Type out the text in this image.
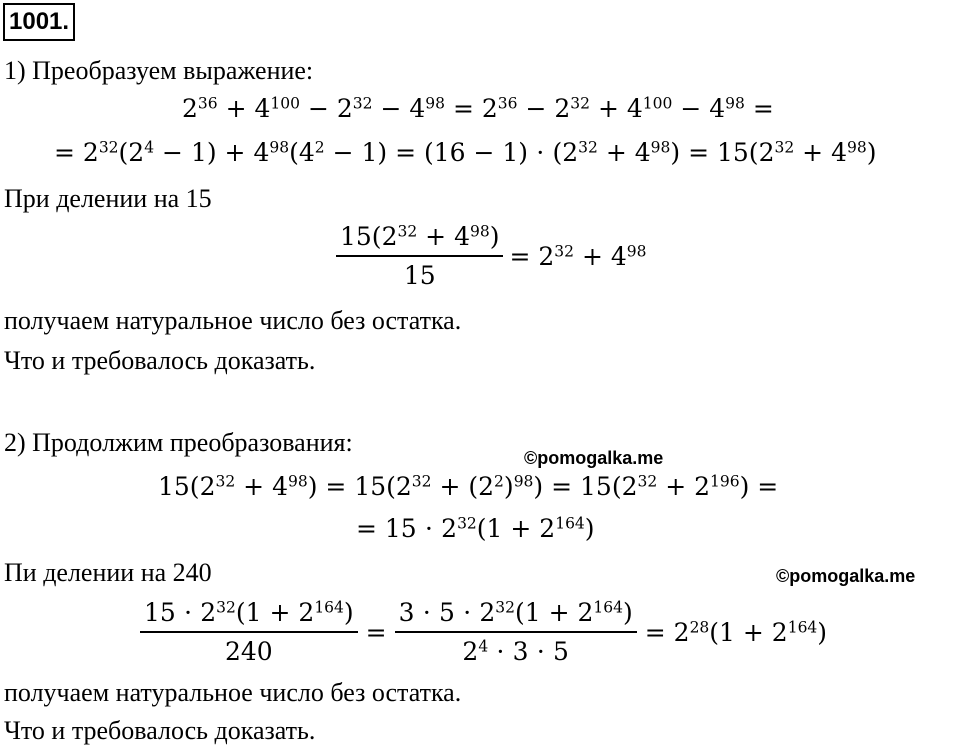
1001.
1) Преобразуем выражение:
$2^{36} + 4^{100} - 2^{32} - 4^{98} = 2^{36} - 2^{32} + 4^{100} - 4^{98}$ =
= $2^{32}(2^4 - 1) + 4^{98}(4^2 - 1) = (16 - 1) \cdot (2^{32} + 4^{98}) = 15(2^{32} + 4^{98})$
При делении на 15
$\frac{15(2^{32} + 4^{98})}{15} = 2^{32} + 4^{98}$
получаем натуральное число без остатка.
Что и требовалось доказать.
2) Продолжим преобразования:
©pomogalka.me
$15(2^{32} + 4^{98}) = 15(2^{32} + (2^2)^{98}) = 15(2^{32} + 2^{196})$ =
= $15 \cdot 2^{32}(1 + 2^{164})$
Пи делении на 240	©pomogalka.me
$\frac{15 \cdot 2^{32}(1 + 2^{164})}{240} = \frac{3 \cdot 5 \cdot 2^{32}(1 + 2^{164})}{2^4 \cdot 3 \cdot 5} = 2^{28}(1 + 2^{164})$
получаем натуральное число без остатка.
Что и требовалось доказать.
